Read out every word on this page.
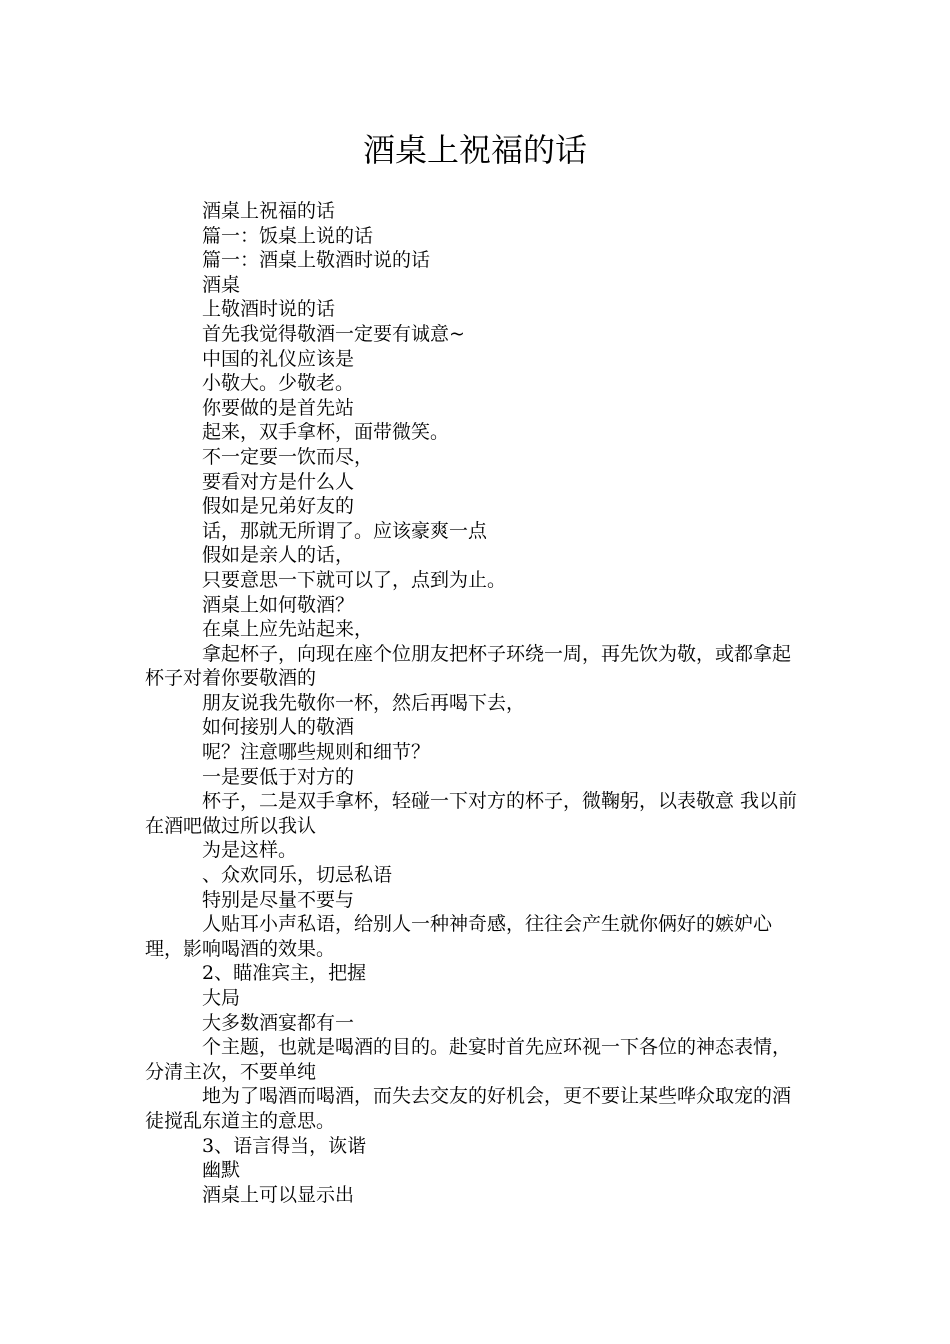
酒桌上祝福的话

酒桌上祝福的话

篇一：饭桌上说的话

篇一：酒桌上敬酒时说的话

酒桌

上敬酒时说的话

首先我觉得敬酒一定要有诚意~

中国的礼仪应该是

小敬大。少敬老。

你要做的是首先站

起来，双手拿杯，面带微笑。

不一定要一饮而尽，

要看对方是什么人

假如是兄弟好友的

话，那就无所谓了。应该豪爽一点

假如是亲人的话，

只要意思一下就可以了，点到为止。

酒桌上如何敬酒？

在桌上应先站起来，

拿起杯子，向现在座个位朋友把杯子环绕一周，再先饮为敬，或都拿起杯子对着你要敬酒的

朋友说我先敬你一杯，然后再喝下去，

如何接别人的敬酒

呢？注意哪些规则和细节？

一是要低于对方的

杯子，二是双手拿杯，轻碰一下对方的杯子，微鞠躬，以表敬意 我以前在酒吧做过所以我认

为是这样。

、众欢同乐，切忌私语

特别是尽量不要与

人贴耳小声私语，给别人一种神奇感，往往会产生就你俩好的嫉妒心理，影响喝酒的效果。

2、瞄准宾主，把握

大局

大多数酒宴都有一

个主题，也就是喝酒的目的。赴宴时首先应环视一下各位的神态表情，分清主次，不要单纯

地为了喝酒而喝酒，而失去交友的好机会，更不要让某些哗众取宠的酒徒搅乱东道主的意思。

3、语言得当，诙谐

幽默

酒桌上可以显示出
